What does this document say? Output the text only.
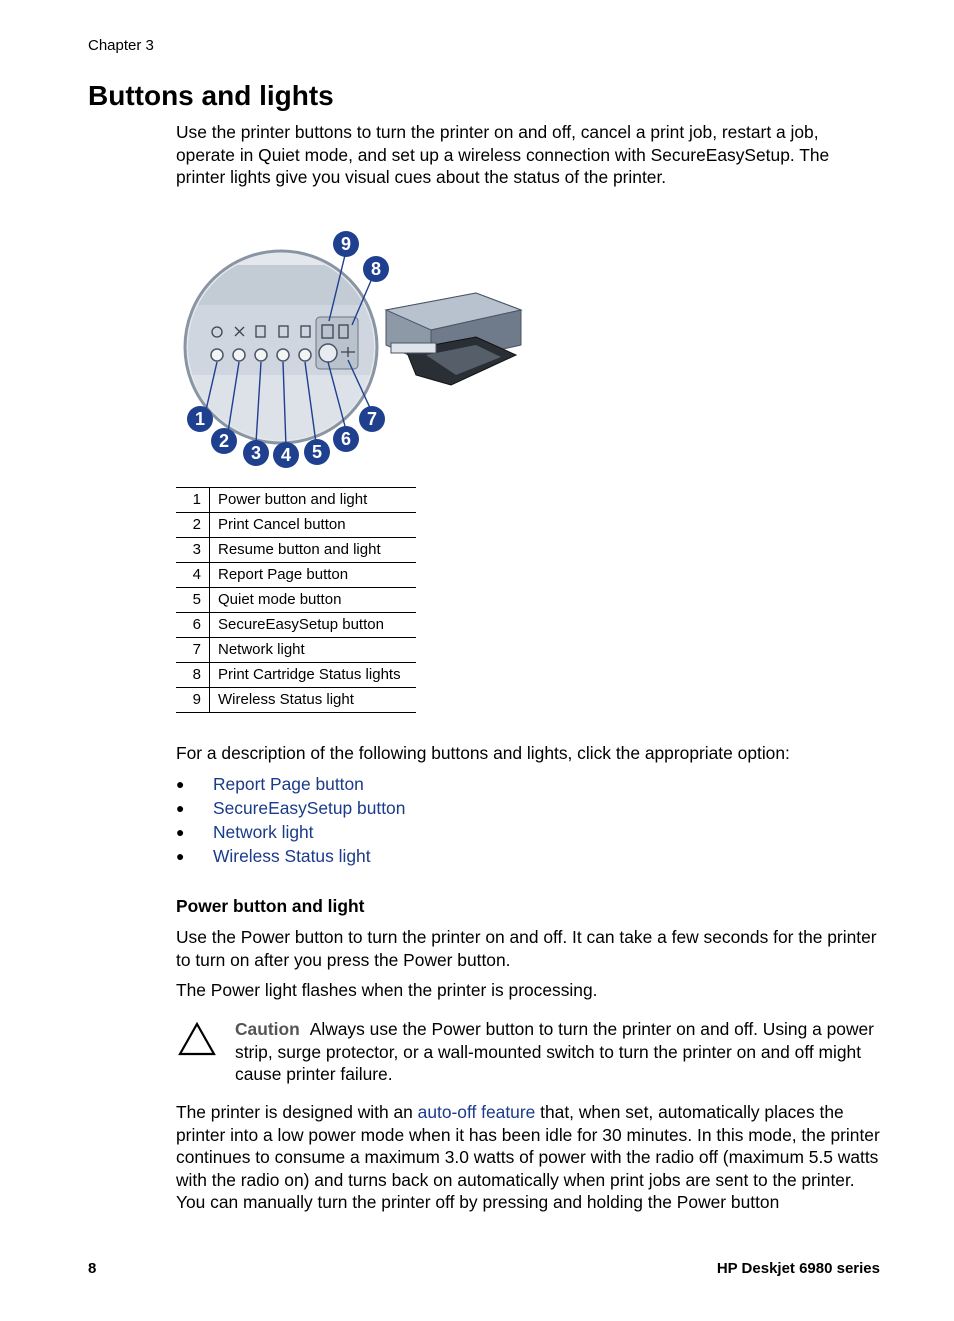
Chapter 3
Buttons and lights
Use the printer buttons to turn the printer on and off, cancel a print job, restart a job, operate in Quiet mode, and set up a wireless connection with SecureEasySetup. The printer lights give you visual cues about the status of the printer.
1
2
3 4 5
6
7
8
9
1	Power button and light
2	Print Cancel button
3	Resume button and light
4	Report Page button
5	Quiet mode button
6	SecureEasySetup button
7	Network light
8	Print Cartridge Status lights
9	Wireless Status light
For a description of the following buttons and lights, click the appropriate option:
● Report Page button
● SecureEasySetup button
● Network light
● Wireless Status light
Power button and light
Use the Power button to turn the printer on and off. It can take a few seconds for the printer to turn on after you press the Power button.
The Power light flashes when the printer is processing.
Caution Always use the Power button to turn the printer on and off. Using a power strip, surge protector, or a wall-mounted switch to turn the printer on and off might cause printer failure.
The printer is designed with an auto-off feature that, when set, automatically places the printer into a low power mode when it has been idle for 30 minutes. In this mode, the printer continues to consume a maximum 3.0 watts of power with the radio off (maximum 5.5 watts with the radio on) and turns back on automatically when print jobs are sent to the printer. You can manually turn the printer off by pressing and holding the Power button
8	HP Deskjet 6980 series
